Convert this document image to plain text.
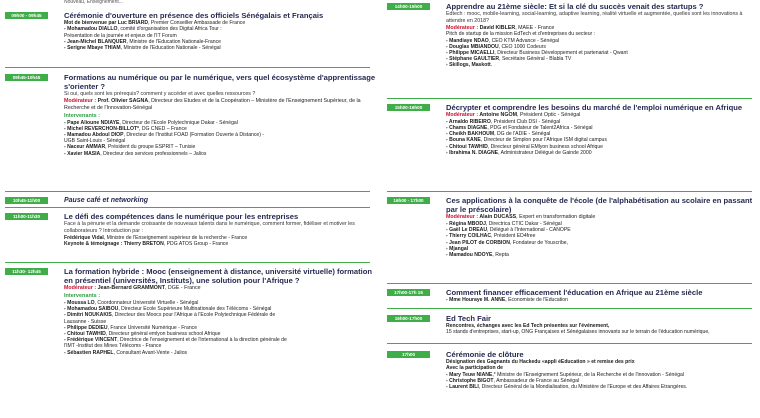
Nouveau, Enseignement...
09h00 - 09h45	Cérémonie d'ouverture en présence des officiels Sénégalais et Français
Mot de bienvenue par Luc BRIARD, Premier Conseiller Ambassade de France
- Mohamadou DIALLO, comité d'organisation des Digital Africa Tour :
Présentation de la journée et enjeux de l'IT Forum
- Jean-Michel BLANQUER, Ministre de l'Education Nationale-France
- Serigne Mbaye THIAM, Ministre de l'Education Nationale - Sénégal
09h45-10h45	Formations au numérique ou par le numérique, vers quel écosystème d'apprentissage s'orienter ?
Si oui, quels sont les prérequis? comment y accéder et avec quelles ressources ?
Modérateur : Prof. Olivier SAGNA, Directeur des Etudes et de la Coopération – Ministère de l'Enseignement Supérieur, de la Recherche et de l'Innovation-Sénégal
Intervenants :
- Pape Alioune NDIAYE, Directeur de l'Ecole Polytechnique Dakar - Sénégal
- Michel REVERCHON-BILLOT*, DG CNED – France
- Mamadou Abdoul DIOP, Directeur de l'Institut FOAD (Formation Ouverte à Distance) -
UGB Saint-Louis - Sénégal
- Naceur AMMAR, Président du groupe ESPRIT – Tunisie
- Xavier MASIA, Directeur des services professionnels – Jalios
10h45-11h00	Pause café et networking
11h00-11h30	Le défi des compétences dans le numérique pour les entreprises
Face à la pénurie et la demande croissante de nouveaux talents dans le numérique, comment former, fidéliser et motiver les collaborateurs ? Introduction par :
Frédérique Vidal, Ministre de l'Enseignement supérieur de la recherche - France
Keynote & témoignage : Thierry BRETON, PDG ATOS Group - France
11h30- 12h45	La formation hybride : Mooc (enseignement à distance, université virtuelle) formation en présentiel (universités, Instituts), une solution pour l'Afrique ?
Modérateur : Jean-Bernard GRAMMONT, DGE - France
Intervenants :
- Moussa LO, Coordonnateur Université Virtuelle - Sénégal
- Mohamadou SAIBOU, Directeur Ecole Supérieure Multinationale des Télécoms - Sénégal
- Dimitri NOUKAKIS, Directeur des Moocs pour l'Afrique à l'Ecole Polytechnique Fédérale de
Lausanne - Suisse
- Philippe DEDIEU, France Université Numérique - France
- Chitoui TAWHID, Directeur général emlyon business school Afrique
- Frédérique VINCENT, Directrice de l'enseignement et de l'international à la direction générale de
l'IMT -Institut des Mines Télécoms - France
- Sébastien RAPHEL, Consultant Avant-Vente - Jalios
14h00-15h00	Apprendre au 21ème siècle: Et si la clé du succès venait des startups ?
Edtech : mooc, mobile-learning, social-learning, adaptive learning, réalité virtuelle et augmentée, quelles sont les innovations à attendre en 2018?
Modérateur : David KIBLER, MAEE - France
Pitch de startup de la mission EdTech et d'entreprises du secteur :
- Mandiaye NDAO, CEO KTM Advance - Sénégal
- Douglas MBIANDOU, CEO 1000 Codeurs
- Philippe MICAELLI, Directeur Business Développement et partenariat - Qwant
- Stéphane GAULTIER, Secrétaire Général - Blabla TV
- Skillogs, Maskott.
15h00-16h00	Décrypter et comprendre les besoins du marché de l'emploi numérique en Afrique
Modérateur : Antoine NGOM, Président Optic - Sénégal
- Arnaldo RIBEIRO, Président Club DSI - Sénégal
- Chams DIAGNE, PDG et Fondateur de Talent2Africa - Sénégal
- Cheikh BAKHOUM, DG de l'ADIE - Sénégal
- Bouna KANE, Directeur de Simplon pour l'Afrique ISM digital campus
- Chitoui TAWHID, Directeur général EMlyon business school Afrique
- Ibrahima N. DIAGNE, Administrateur Délégué de Gainde 2000
16h00 - 17h00	Ces applications à la conquête de l'école (de l'alphabétisation au scolaire en passant par le préscolaire)
Modérateur : Alain DUCASS, Expert en transformation digitale
- Régina MBODJ, Directrica CTIC Dakar - Sénégal
- Gaël Le DREAU, Délégué à l'International - CANOPE
- Thierry COILHAC, Président ED4free
- Jean PILOT de CORBION, Fondateur de Youscribe,
- Mjangal
- Mamadou NDOYE, Repta
17h00-17h 15	Comment financer efficacement l'éducation en Afrique au 21ème siècle
- Mme Houraye M. ANNE, Economiste de l'Education
16h00-17h00	Ed Tech Fair
Rencontres, échanges avec les Ed Tech présentes sur l'événement,
15 stands d'entreprises, start-up, ONG Françaises et Sénégalaises innovants sur le terrain de l'éducation numérique,
17h00	Cérémonie de clôture
Désignation des Gagnants du Hackedu «appli éEducation » et remise des prix
Avec la participation de
- Mary Teuw NIANE,* Ministre de l'Enseignement Supérieur, de la Recherche et de l'innovation - Sénégal
- Christophe BIGOT, Ambassadeur de France au Sénégal
- Laurent BILI, Directeur Général de la Mondialisation, du Ministère de l'Europe et des Affaires Etrangères.
